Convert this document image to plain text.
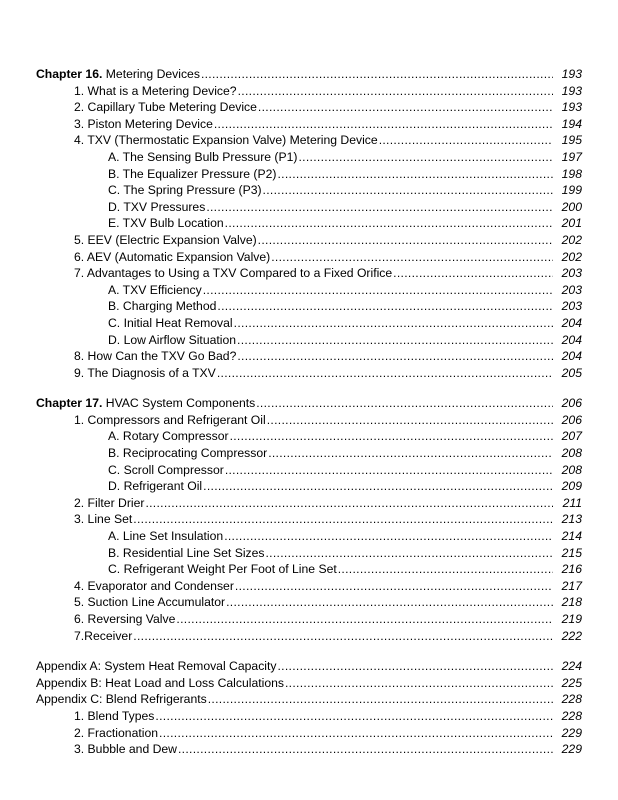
Chapter 16. Metering Devices .....	193
1. What is a Metering Device? .....	193
2. Capillary Tube Metering Device .....	193
3. Piston Metering Device .....	194
4. TXV (Thermostatic Expansion Valve) Metering Device .....	195
A. The Sensing Bulb Pressure (P1) .....	197
B. The Equalizer Pressure (P2) .....	198
C. The Spring Pressure (P3) .....	199
D. TXV Pressures .....	200
E. TXV Bulb Location .....	201
5. EEV (Electric Expansion Valve) .....	202
6. AEV (Automatic Expansion Valve) .....	202
7. Advantages to Using a TXV Compared to a Fixed Orifice .....	203
A. TXV Efficiency .....	203
B. Charging Method .....	203
C. Initial Heat Removal .....	204
D. Low Airflow Situation .....	204
8. How Can the TXV Go Bad? .....	204
9. The Diagnosis of a TXV .....	205
Chapter 17. HVAC System Components .....	206
1. Compressors and Refrigerant Oil .....	206
A. Rotary Compressor .....	207
B. Reciprocating Compressor .....	208
C. Scroll Compressor .....	208
D. Refrigerant Oil .....	209
2. Filter Drier .....	211
3. Line Set .....	213
A. Line Set Insulation .....	214
B. Residential Line Set Sizes .....	215
C. Refrigerant Weight Per Foot of Line Set .....	216
4. Evaporator and Condenser .....	217
5. Suction Line Accumulator .....	218
6. Reversing Valve .....	219
7.Receiver .....	222
Appendix A: System Heat Removal Capacity .....	224
Appendix B: Heat Load and Loss Calculations .....	225
Appendix C: Blend Refrigerants .....	228
1. Blend Types .....	228
2. Fractionation .....	229
3. Bubble and Dew .....	229
